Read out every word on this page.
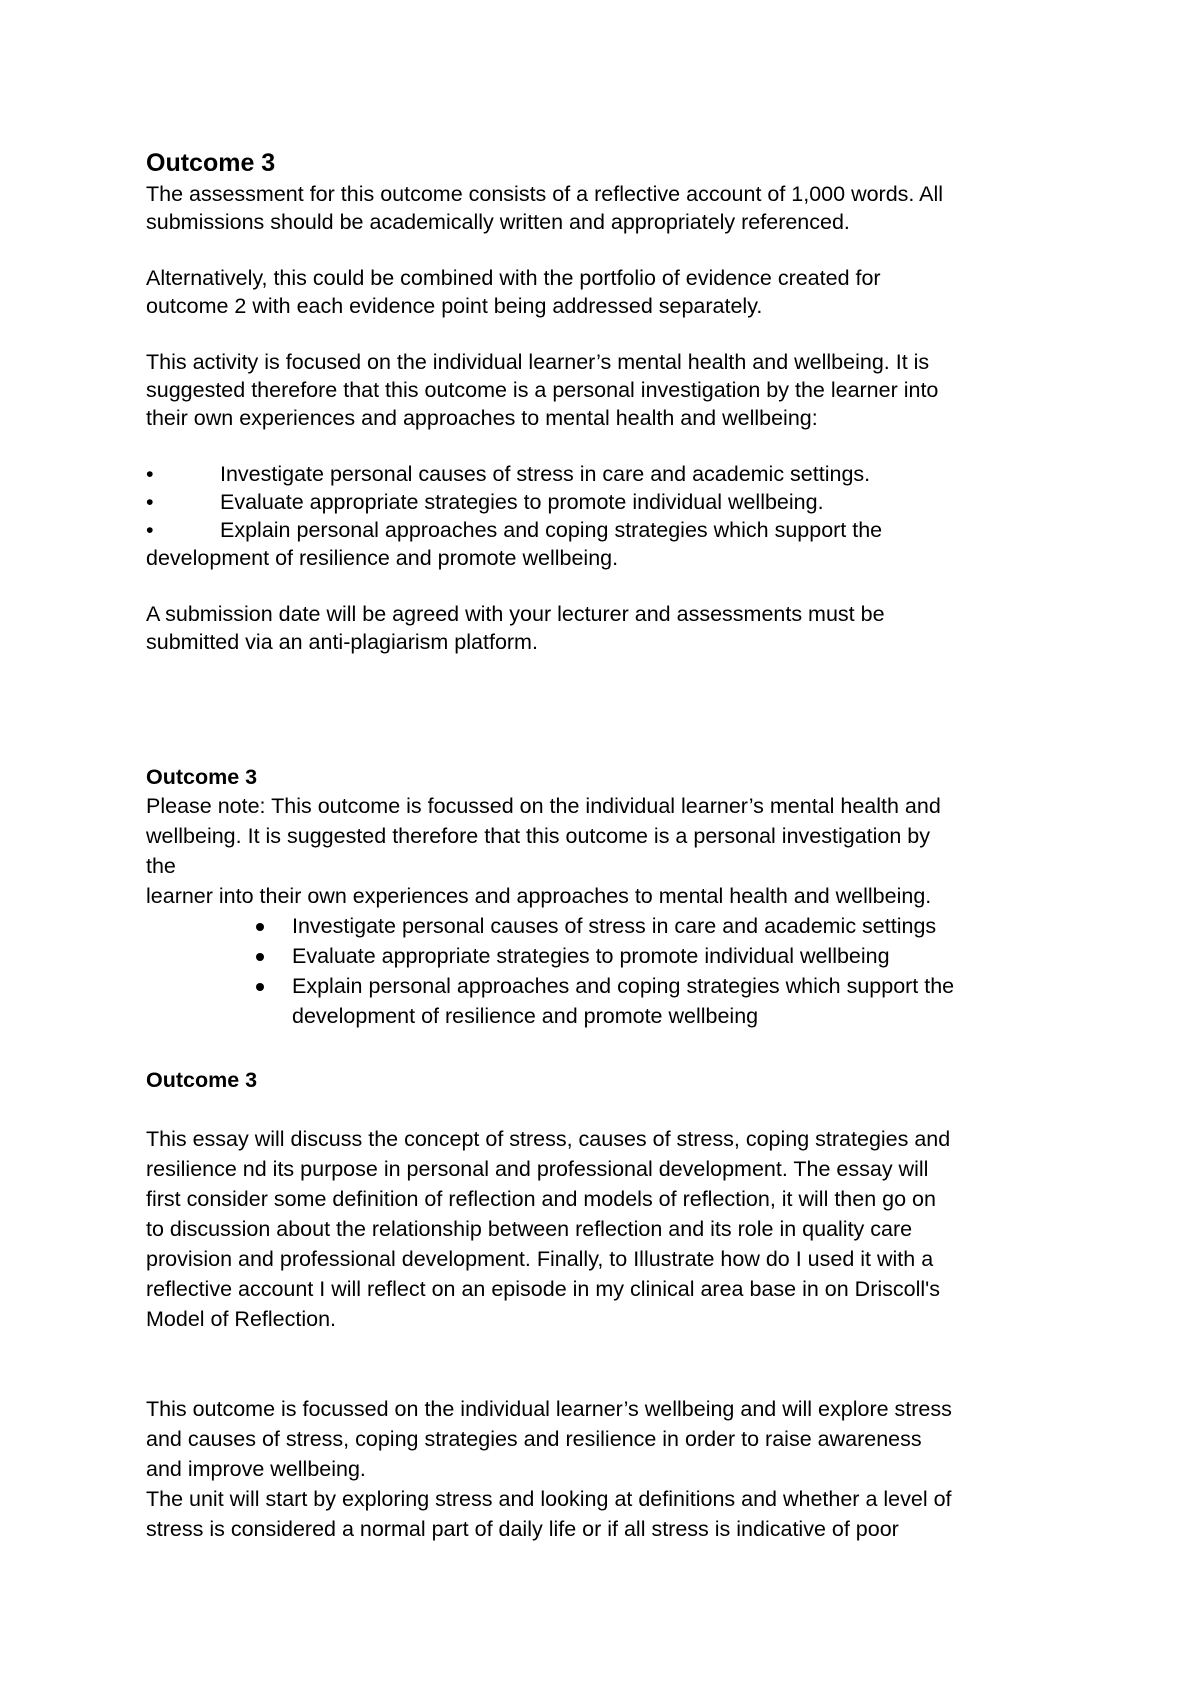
Outcome 3
The assessment for this outcome consists of a reflective account of 1,000 words. All
submissions should be academically written and appropriately referenced.
Alternatively, this could be combined with the portfolio of evidence created for
outcome 2 with each evidence point being addressed separately.
This activity is focused on the individual learner’s mental health and wellbeing. It is
suggested therefore that this outcome is a personal investigation by the learner into
their own experiences and approaches to mental health and wellbeing:
•	Investigate personal causes of stress in care and academic settings.
•	Evaluate appropriate strategies to promote individual wellbeing.
•	Explain personal approaches and coping strategies which support the
development of resilience and promote wellbeing.
A submission date will be agreed with your lecturer and assessments must be
submitted via an anti-plagiarism platform.
Outcome 3
Please note: This outcome is focussed on the individual learner’s mental health and
wellbeing. It is suggested therefore that this outcome is a personal investigation by
the
learner into their own experiences and approaches to mental health and wellbeing.
Investigate personal causes of stress in care and academic settings
Evaluate appropriate strategies to promote individual wellbeing
Explain personal approaches and coping strategies which support the
development of resilience and promote wellbeing
Outcome 3
This essay will discuss the concept of stress, causes of stress, coping strategies and
resilience nd its purpose in personal and professional development. The essay will
first consider some definition of reflection and models of reflection, it will then go on
to discussion about the relationship between reflection and its role in quality care
provision and professional development. Finally, to Illustrate how do I used it with a
reflective account I will reflect on an episode in my clinical area base in on Driscoll's
Model of Reflection.
This outcome is focussed on the individual learner’s wellbeing and will explore stress
and causes of stress, coping strategies and resilience in order to raise awareness
and improve wellbeing.
The unit will start by exploring stress and looking at definitions and whether a level of
stress is considered a normal part of daily life or if all stress is indicative of poor
